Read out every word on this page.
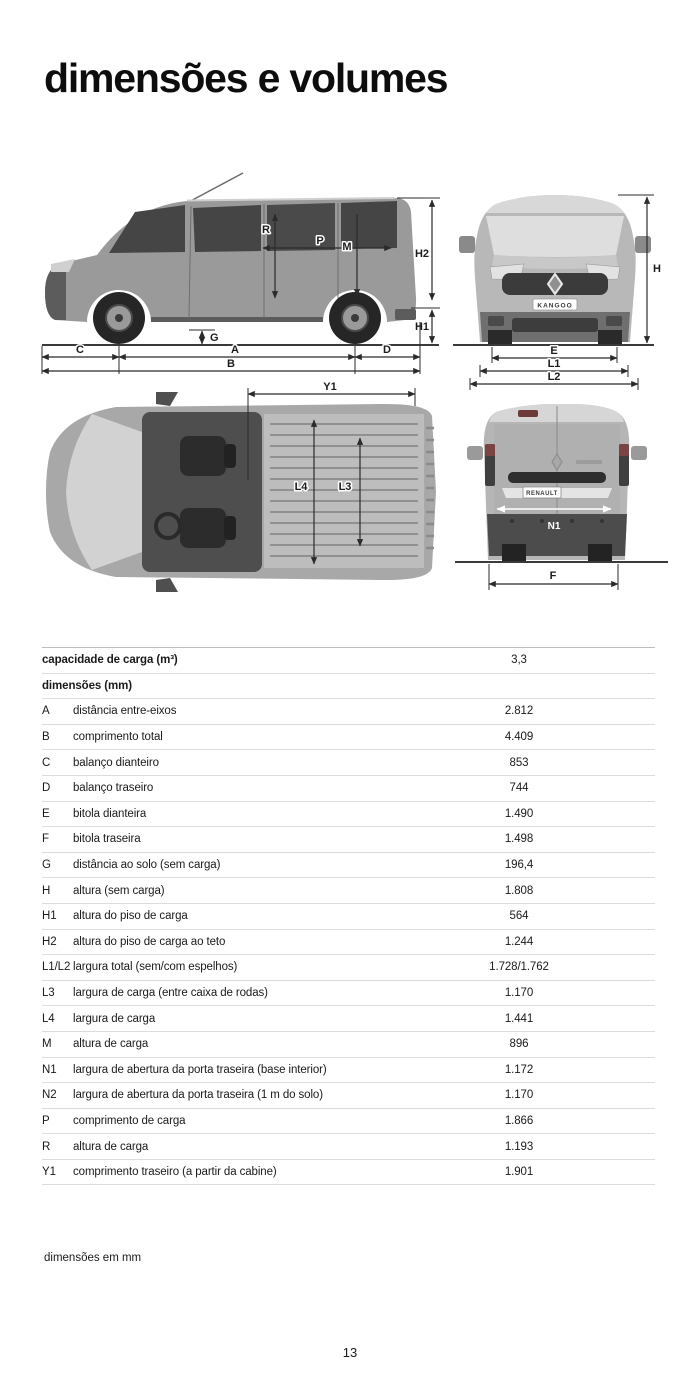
dimensões e volumes
R
P M
H2
H1
G
C	A	D
B
KANGOO
H
E
L1
L2
Y1
L4	L3
RENAULT
N1
F
capacidade de carga (m³)	3,3
dimensões (mm)
A	distância entre-eixos	2.812
B	comprimento total	4.409
C	balanço dianteiro	853
D	balanço traseiro	744
E	bitola dianteira	1.490
F	bitola traseira	1.498
G	distância ao solo (sem carga)	196,4
H	altura (sem carga)	1.808
H1	altura do piso de carga	564
H2	altura do piso de carga ao teto	1.244
L1/L2 largura total (sem/com espelhos)	1.728/1.762
L3	largura de carga (entre caixa de rodas)	1.170
L4	largura de carga	1.441
M	altura de carga	896
N1	largura de abertura da porta traseira (base interior)	1.172
N2	largura de abertura da porta traseira (1 m do solo)	1.170
P	comprimento de carga	1.866
R	altura de carga	1.193
Y1	comprimento traseiro (a partir da cabine)	1.901
dimensões em mm
13
